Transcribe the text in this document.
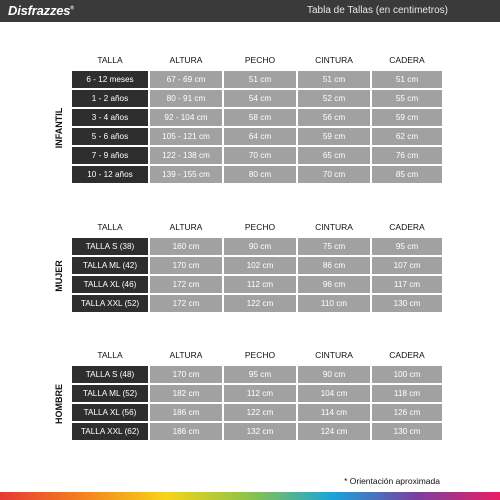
Disfrazzes®	Tabla de Tallas (en centimetros)
TALLA	ALTURA	PECHO	CINTURA	CADERA
6 - 12 meses	67 - 69 cm	51 cm	51 cm	51 cm
1 - 2 años	80 - 91 cm	54 cm	52 cm	55 cm
3 - 4 años	92 - 104 cm	58 cm	56 cm	59 cm
5 - 6 años	105 - 121 cm	64 cm	59 cm	62 cm
7 - 9 años	122 - 138 cm	70 cm	65 cm	76 cm
10 - 12 años	139 - 155 cm	80 cm	70 cm	85 cm
INFANTIL
TALLA	ALTURA	PECHO	CINTURA	CADERA
TALLA S (38)	160 cm	90 cm	75 cm	95 cm
TALLA ML (42)	170 cm	102 cm	86 cm	107 cm
TALLA XL (46)	172 cm	112 cm	96 cm	117 cm
TALLA XXL (52)	172 cm	122 cm	110 cm	130 cm
MUJER
TALLA	ALTURA	PECHO	CINTURA	CADERA
TALLA S (48)	170 cm	95 cm	90 cm	100 cm
TALLA ML (52)	182 cm	112 cm	104 cm	118 cm
TALLA XL (56)	186 cm	122 cm	114 cm	126 cm
TALLA XXL (62)	186 cm	132 cm	124 cm	130 cm
HOMBRE
* Orientación aproximada
